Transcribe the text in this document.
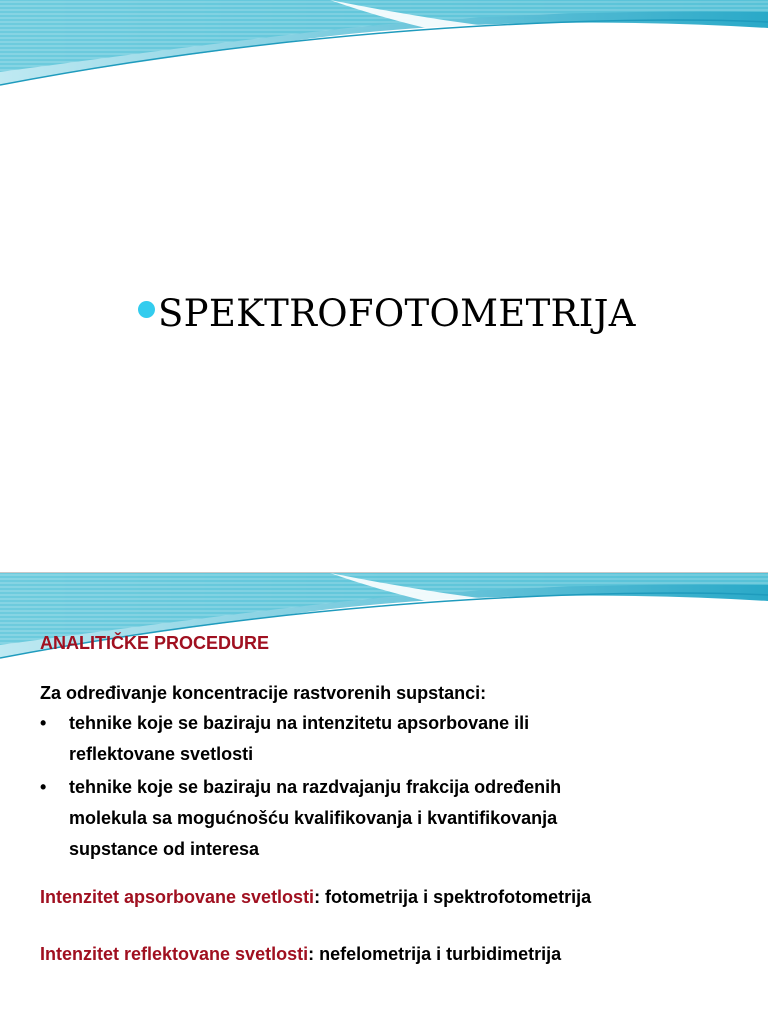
SPEKTROFOTOMETRIJA
ANALITIČKE PROCEDURE
Za određivanje koncentracije rastvorenih supstanci:
• tehnike koje se baziraju na intenzitetu apsorbovane ili
reflektovane svetlosti
• tehnike koje se baziraju na razdvajanju frakcija određenih
molekula sa mogućnošću kvalifikovanja i kvantifikovanja
supstance od interesa
Intenzitet apsorbovane svetlosti: fotometrija i spektrofotometrija
Intenzitet reflektovane svetlosti: nefelometrija i turbidimetrija
